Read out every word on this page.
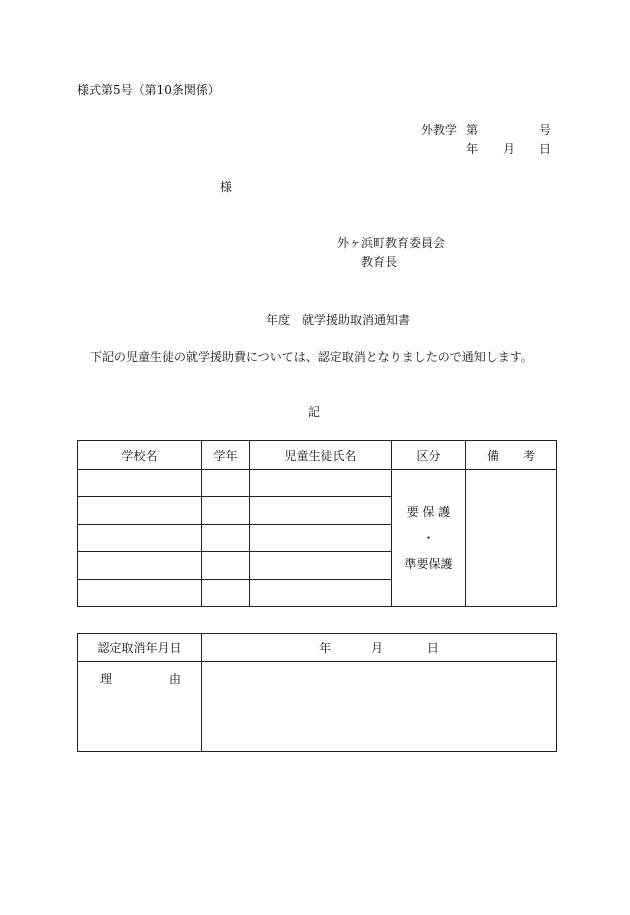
様式第5号（第10条関係）
外教学 第	号
年 月 日
様
外ヶ浜町教育委員会
教育長
年度 就学援助取消通知書
下記の児童生徒の就学援助費については、認定取消となりましたので通知します。
記
学校名	学年	児童生徒氏名	区分	備　　考

			要 保 護
・
準要保護	

認定取消年月日	年 月 日

理 由	
